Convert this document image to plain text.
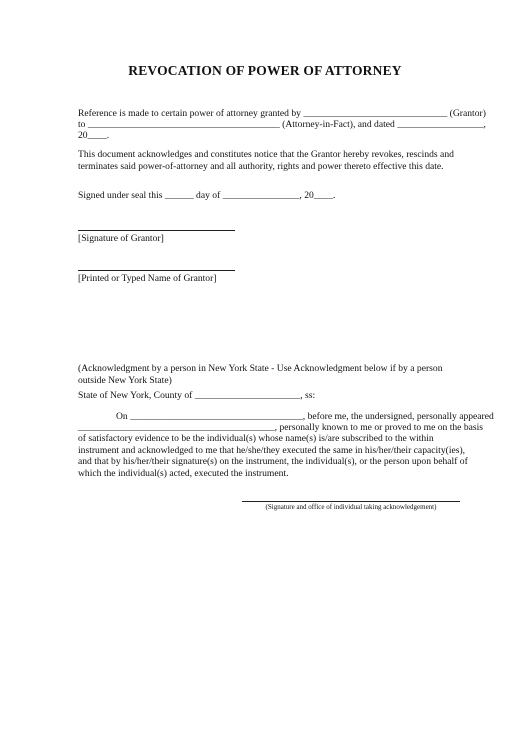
REVOCATION OF POWER OF ATTORNEY
Reference is made to certain power of attorney granted by ______________________________ (Grantor)
to ________________________________________ (Attorney-in-Fact), and dated __________________,
20____.
This document acknowledges and constitutes notice that the Grantor hereby revokes, rescinds and terminates said power-of-attorney and all authority, rights and power thereto effective this date.
Signed under seal this ______ day of ________________, 20____.
[Signature of Grantor]
[Printed or Typed Name of Grantor]
(Acknowledgment by a person in New York State - Use Acknowledgment below if by a person outside New York State)
State of New York, County of ______________________, ss:
On ____________________________________, before me, the undersigned, personally appeared
_________________________________________, personally known to me or proved to me on the basis
of satisfactory evidence to be the individual(s) whose name(s) is/are subscribed to the within instrument and acknowledged to me that he/she/they executed the same in his/her/their capacity(ies), and that by his/her/their signature(s) on the instrument, the individual(s), or the person upon behalf of which the individual(s) acted, executed the instrument.
(Signature and office of individual taking acknowledgement)
